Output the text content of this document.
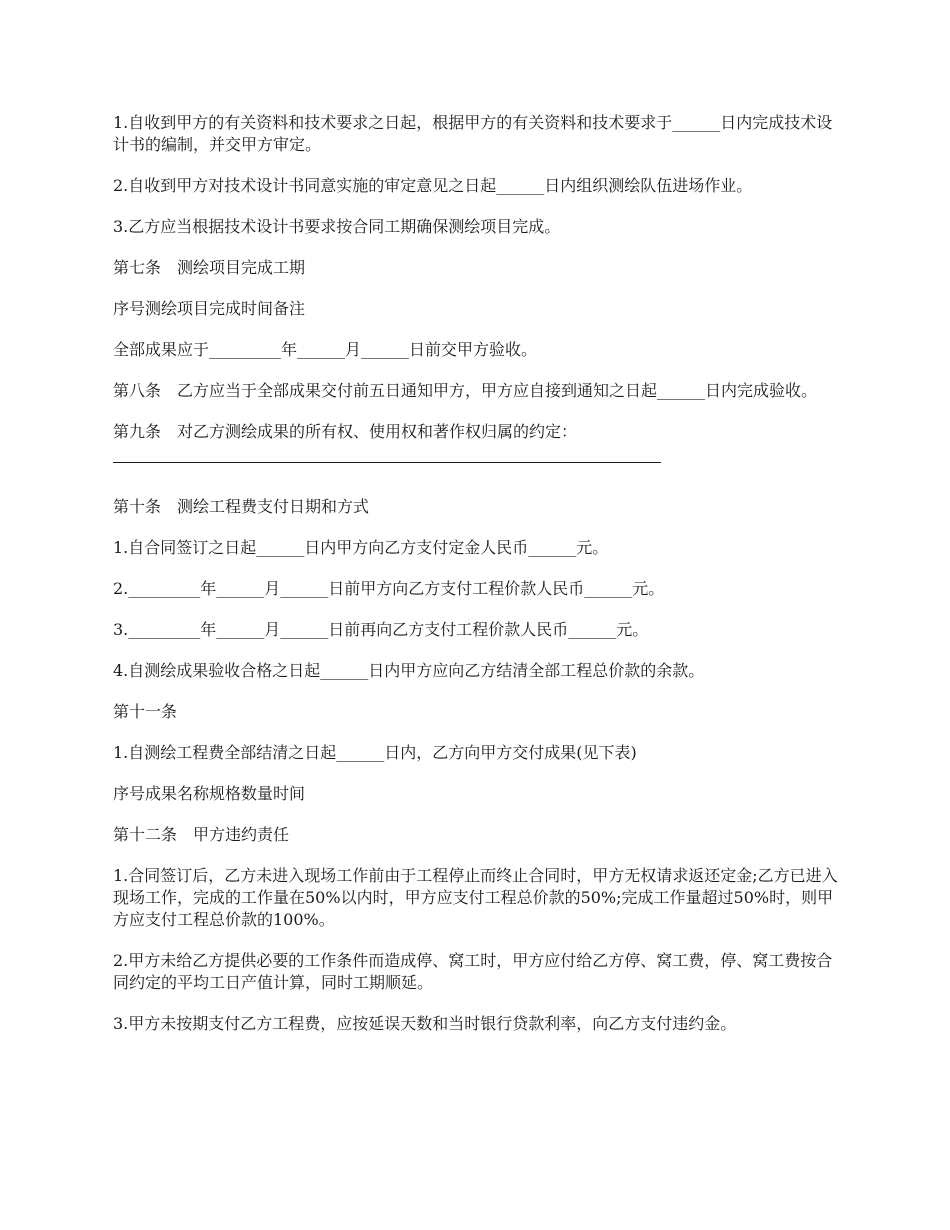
1.自收到甲方的有关资料和技术要求之日起，根据甲方的有关资料和技术要求于______日内完成技术设计书的编制，并交甲方审定。

2.自收到甲方对技术设计书同意实施的审定意见之日起______日内组织测绘队伍进场作业。

3.乙方应当根据技术设计书要求按合同工期确保测绘项目完成。

第七条　测绘项目完成工期

序号测绘项目完成时间备注

全部成果应于_________年______月______日前交甲方验收。

第八条　乙方应当于全部成果交付前五日通知甲方，甲方应自接到通知之日起______日内完成验收。

第九条　对乙方测绘成果的所有权、使用权和著作权归属的约定：

第十条　测绘工程费支付日期和方式

1.自合同签订之日起______日内甲方向乙方支付定金人民币______元。

2._________年______月______日前甲方向乙方支付工程价款人民币______元。

3._________年______月______日前再向乙方支付工程价款人民币______元。

4.自测绘成果验收合格之日起______日内甲方应向乙方结清全部工程总价款的余款。

第十一条

1.自测绘工程费全部结清之日起______日内，乙方向甲方交付成果(见下表)

序号成果名称规格数量时间

第十二条　甲方违约责任

1.合同签订后，乙方未进入现场工作前由于工程停止而终止合同时，甲方无权请求返还定金;乙方已进入现场工作，完成的工作量在50%以内时，甲方应支付工程总价款的50%;完成工作量超过50%时，则甲方应支付工程总价款的100%。

2.甲方未给乙方提供必要的工作条件而造成停、窝工时，甲方应付给乙方停、窝工费，停、窝工费按合同约定的平均工日产值计算，同时工期顺延。

3.甲方未按期支付乙方工程费，应按延误天数和当时银行贷款利率，向乙方支付违约金。
